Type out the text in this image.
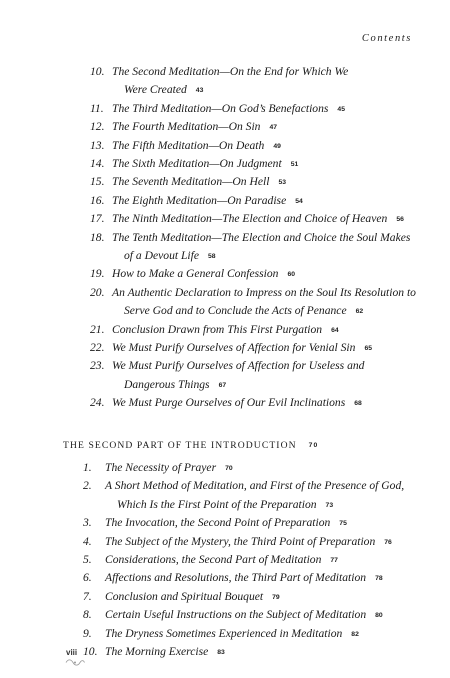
Contents
10. The Second Meditation—On the End for Which We
Were Created 43
11. The Third Meditation—On God’s Benefactions 45
12. The Fourth Meditation—On Sin 47
13. The Fifth Meditation—On Death 49
14. The Sixth Meditation—On Judgment 51
15. The Seventh Meditation—On Hell 53
16. The Eighth Meditation—On Paradise 54
17. The Ninth Meditation—The Election and Choice of Heaven 56
18. The Tenth Meditation—The Election and Choice the Soul Makes
of a Devout Life 58
19. How to Make a General Confession 60
20. An Authentic Declaration to Impress on the Soul Its Resolution to
Serve God and to Conclude the Acts of Penance 62
21. Conclusion Drawn from This First Purgation 64
22. We Must Purify Ourselves of Affection for Venial Sin 65
23. We Must Purify Ourselves of Affection for Useless and
Dangerous Things 67
24. We Must Purge Ourselves of Our Evil Inclinations 68
THE SECOND PART OF THE INTRODUCTION 70
1. The Necessity of Prayer 70
2. A Short Method of Meditation, and First of the Presence of God,
Which Is the First Point of the Preparation 73
3. The Invocation, the Second Point of Preparation 75
4. The Subject of the Mystery, the Third Point of Preparation 76
5. Considerations, the Second Part of Meditation 77
6. Affections and Resolutions, the Third Part of Meditation 78
7. Conclusion and Spiritual Bouquet 79
8. Certain Useful Instructions on the Subject of Meditation 80
9. The Dryness Sometimes Experienced in Meditation 82
10. The Morning Exercise 83
viii
